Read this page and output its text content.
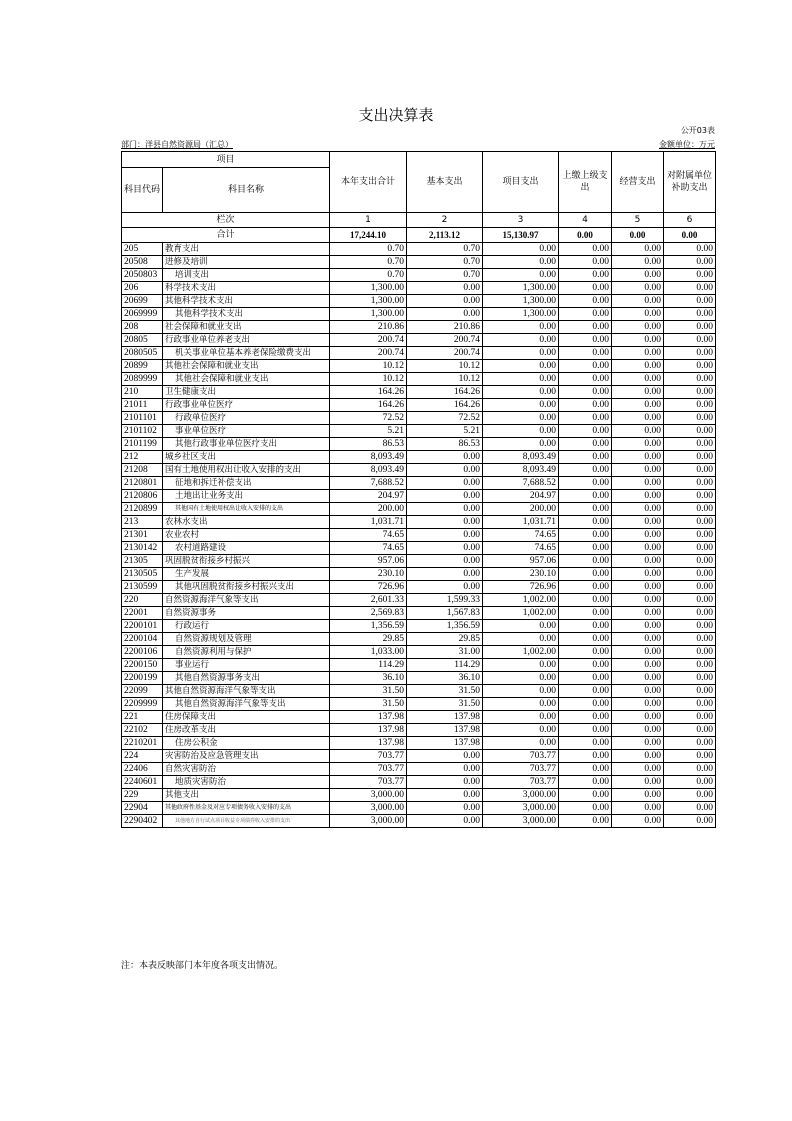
支出决算表
公开03表
部门：洋县自然资源局（汇总）	金额单位：万元
项目		本年支出合计	基本支出	项目支出	上缴上级支出	经营支出	对附属单位补助支出
科目代码	科目名称						
栏次		1	2	3	4	5	6
合计		17,244.10	2,113.12	15,130.97	0.00	0.00	0.00
205	教育支出	0.70	0.70	0.00	0.00	0.00	0.00
20508	进修及培训	0.70	0.70	0.00	0.00	0.00	0.00
2050803	培训支出	0.70	0.70	0.00	0.00	0.00	0.00
206	科学技术支出	1,300.00	0.00	1,300.00	0.00	0.00	0.00
20699	其他科学技术支出	1,300.00	0.00	1,300.00	0.00	0.00	0.00
2069999	其他科学技术支出	1,300.00	0.00	1,300.00	0.00	0.00	0.00
208	社会保障和就业支出	210.86	210.86	0.00	0.00	0.00	0.00
20805	行政事业单位养老支出	200.74	200.74	0.00	0.00	0.00	0.00
2080505	机关事业单位基本养老保险缴费支出	200.74	200.74	0.00	0.00	0.00	0.00
20899	其他社会保障和就业支出	10.12	10.12	0.00	0.00	0.00	0.00
2089999	其他社会保障和就业支出	10.12	10.12	0.00	0.00	0.00	0.00
210	卫生健康支出	164.26	164.26	0.00	0.00	0.00	0.00
21011	行政事业单位医疗	164.26	164.26	0.00	0.00	0.00	0.00
2101101	行政单位医疗	72.52	72.52	0.00	0.00	0.00	0.00
2101102	事业单位医疗	5.21	5.21	0.00	0.00	0.00	0.00
2101199	其他行政事业单位医疗支出	86.53	86.53	0.00	0.00	0.00	0.00
212	城乡社区支出	8,093.49	0.00	8,093.49	0.00	0.00	0.00
21208	国有土地使用权出让收入安排的支出	8,093.49	0.00	8,093.49	0.00	0.00	0.00
2120801	征地和拆迁补偿支出	7,688.52	0.00	7,688.52	0.00	0.00	0.00
2120806	土地出让业务支出	204.97	0.00	204.97	0.00	0.00	0.00
2120899	其他国有土地使用权出让收入安排的支出	200.00	0.00	200.00	0.00	0.00	0.00
213	农林水支出	1,031.71	0.00	1,031.71	0.00	0.00	0.00
21301	农业农村	74.65	0.00	74.65	0.00	0.00	0.00
2130142	农村道路建设	74.65	0.00	74.65	0.00	0.00	0.00
21305	巩固脱贫衔接乡村振兴	957.06	0.00	957.06	0.00	0.00	0.00
2130505	生产发展	230.10	0.00	230.10	0.00	0.00	0.00
2130599	其他巩固脱贫衔接乡村振兴支出	726.96	0.00	726.96	0.00	0.00	0.00
220	自然资源海洋气象等支出	2,601.33	1,599.33	1,002.00	0.00	0.00	0.00
22001	自然资源事务	2,569.83	1,567.83	1,002.00	0.00	0.00	0.00
2200101	行政运行	1,356.59	1,356.59	0.00	0.00	0.00	0.00
2200104	自然资源规划及管理	29.85	29.85	0.00	0.00	0.00	0.00
2200106	自然资源利用与保护	1,033.00	31.00	1,002.00	0.00	0.00	0.00
2200150	事业运行	114.29	114.29	0.00	0.00	0.00	0.00
2200199	其他自然资源事务支出	36.10	36.10	0.00	0.00	0.00	0.00
22099	其他自然资源海洋气象等支出	31.50	31.50	0.00	0.00	0.00	0.00
2209999	其他自然资源海洋气象等支出	31.50	31.50	0.00	0.00	0.00	0.00
221	住房保障支出	137.98	137.98	0.00	0.00	0.00	0.00
22102	住房改革支出	137.98	137.98	0.00	0.00	0.00	0.00
2210201	住房公积金	137.98	137.98	0.00	0.00	0.00	0.00
224	灾害防治及应急管理支出	703.77	0.00	703.77	0.00	0.00	0.00
22406	自然灾害防治	703.77	0.00	703.77	0.00	0.00	0.00
2240601	地质灾害防治	703.77	0.00	703.77	0.00	0.00	0.00
229	其他支出	3,000.00	0.00	3,000.00	0.00	0.00	0.00
22904	其他政府性基金及对应专项债务收入安排的支出	3,000.00	0.00	3,000.00	0.00	0.00	0.00
2290402	其他地方自行试点项目收益专项债券收入安排的支出	3,000.00	0.00	3,000.00	0.00	0.00	0.00
注：本表反映部门本年度各项支出情况。
